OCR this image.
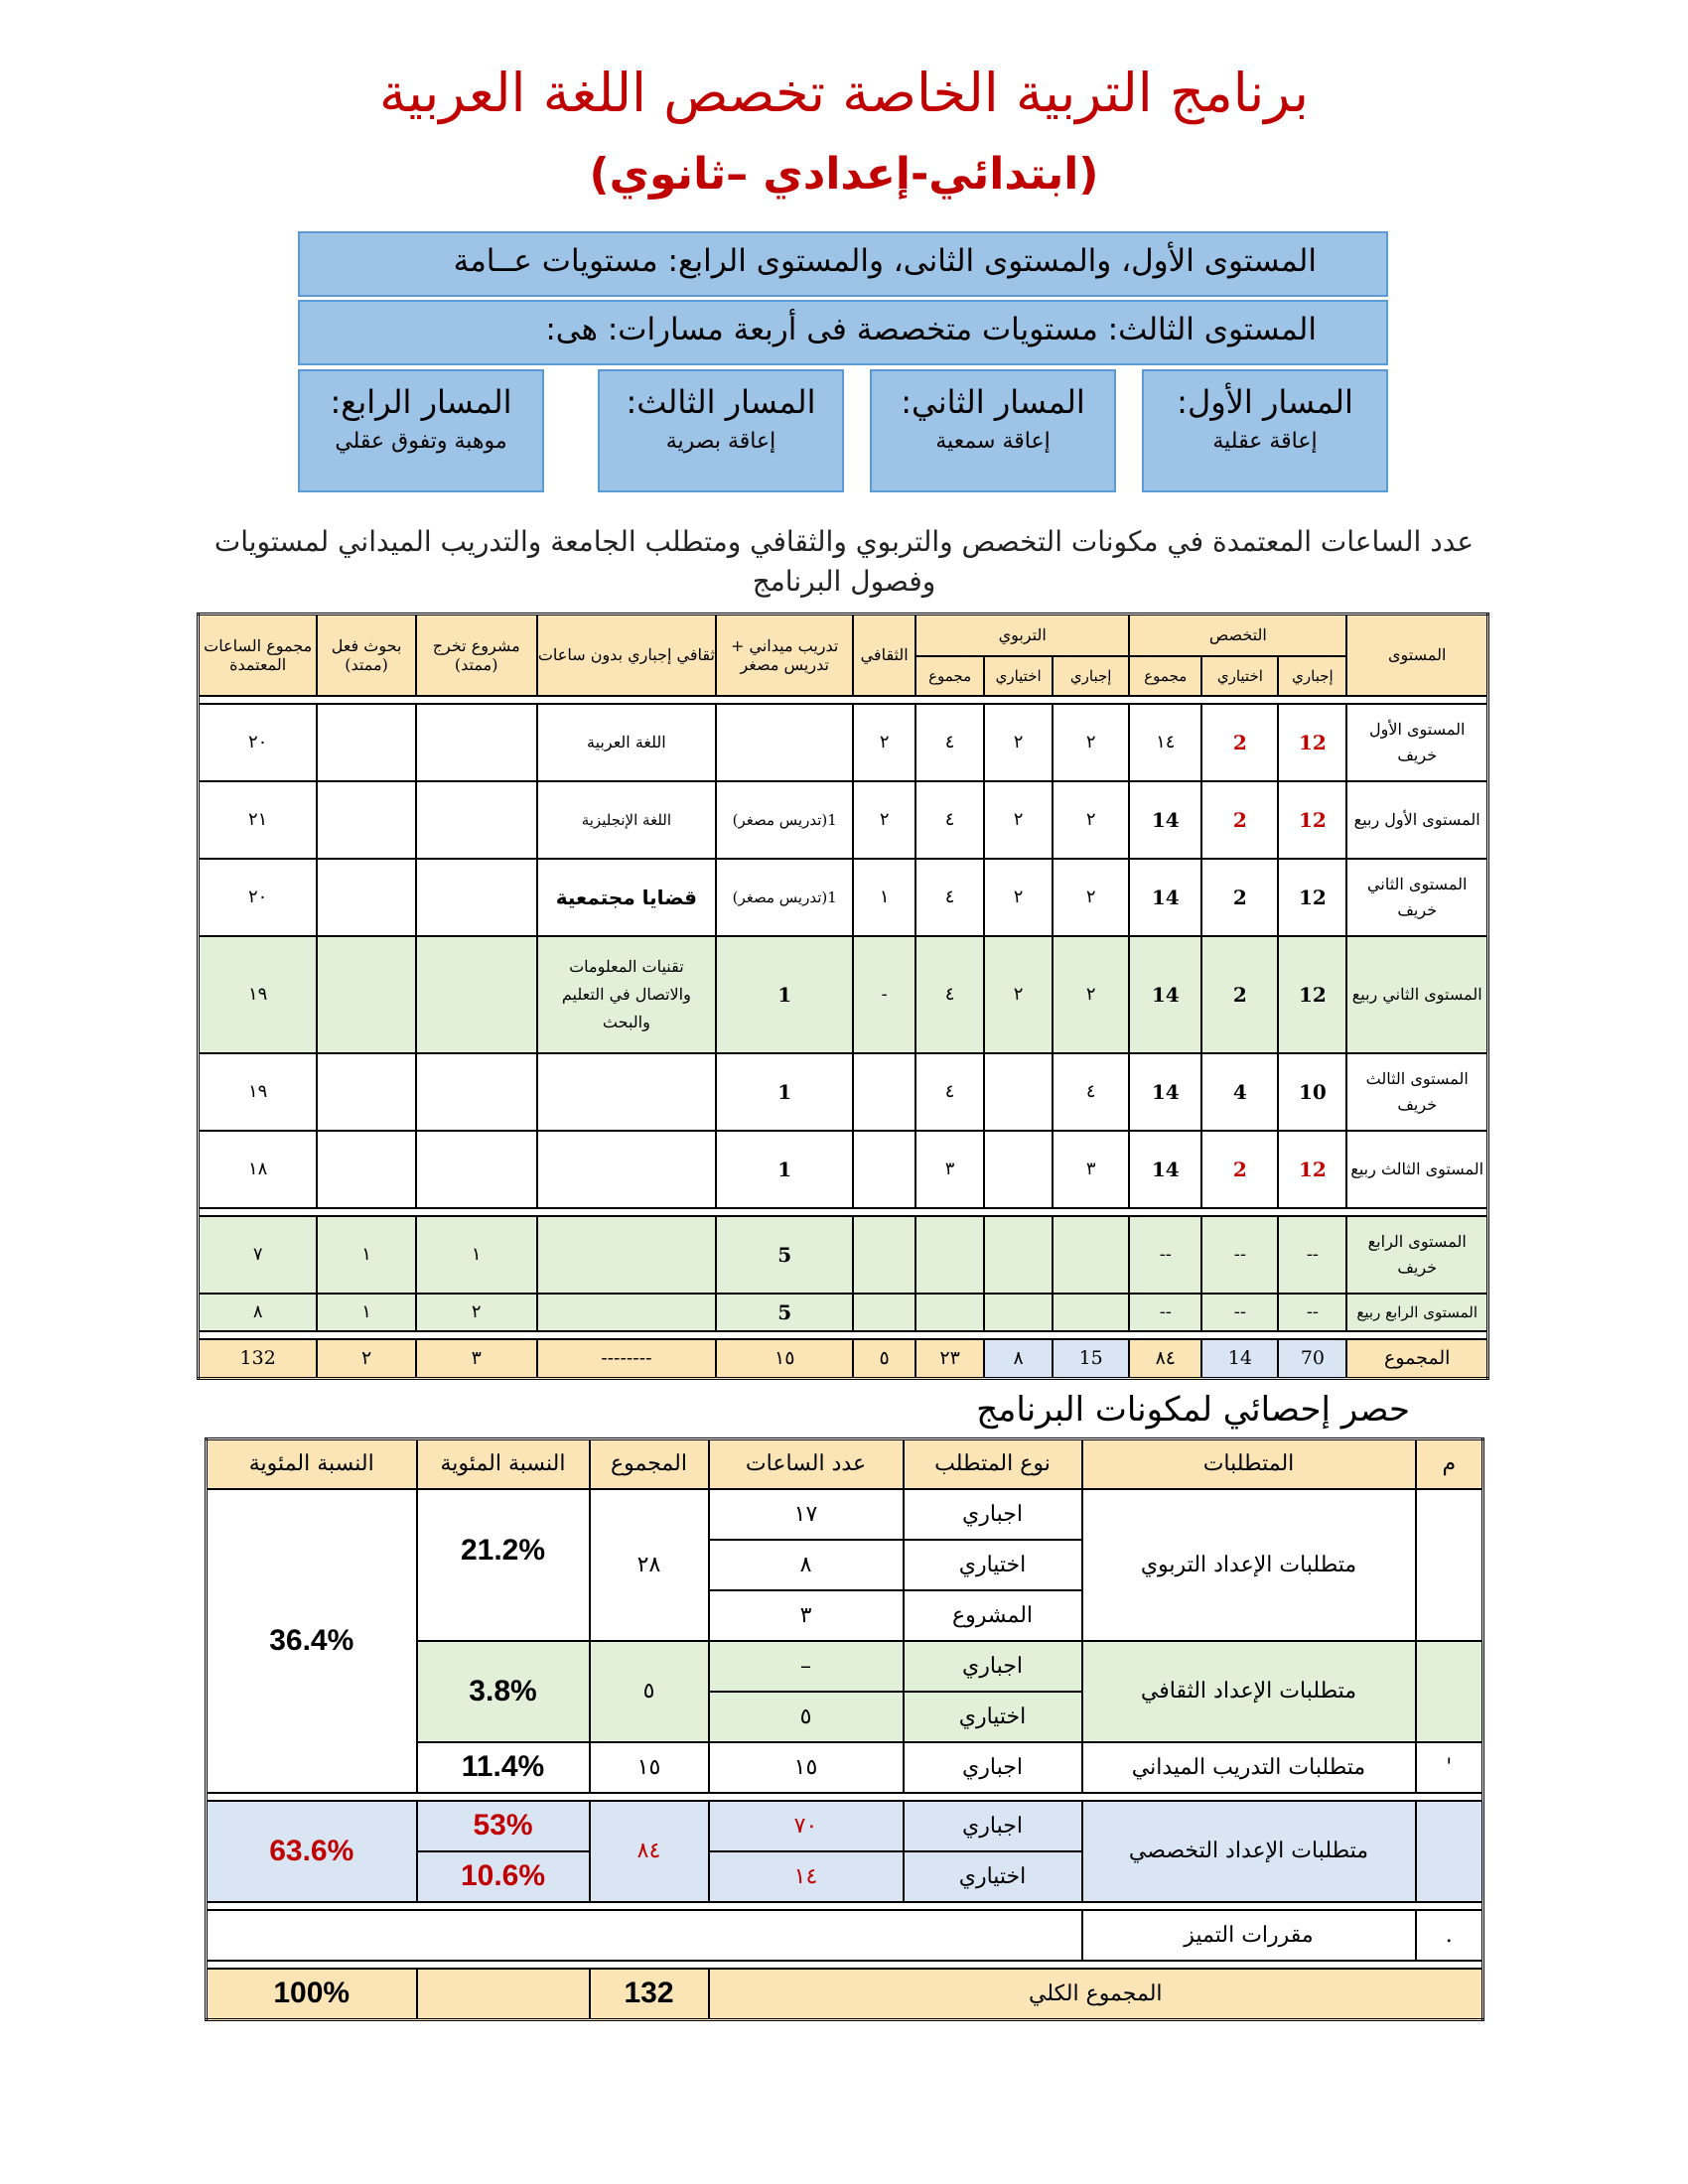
برنامج التربية الخاصة تخصص اللغة العربية
(ابتدائي-إعدادي –ثانوي)
المستوى الأول، والمستوى الثانى، والمستوى الرابع: مستويات عــامة
المستوى الثالث: مستويات متخصصة فى أربعة مسارات: هى:
المسار الأول:
إعاقة عقلية
المسار الثاني:
إعاقة سمعية
المسار الثالث:
إعاقة بصرية
المسار الرابع:
موهبة وتفوق عقلي
عدد الساعات المعتمدة في مكونات التخصص والتربوي والثقافي ومتطلب الجامعة والتدريب الميداني لمستويات وفصول البرنامج
المستوى	التخصص			التربوي			الثقافي	تدريب ميداني + تدريس مصغر	ثقافي إجباري بدون ساعات	مشروع تخرج (ممتد)	بحوث فعل (ممتد)	مجموع الساعات المعتمدة
	إجباري	اختياري	مجموع	إجباري	اختياري	مجموع						

المستوى الأول خريف	12	2	١٤	٢	٢	٤	٢		اللغة العربية			٢٠
المستوى الأول ربيع	12	2	14	٢	٢	٤	٢	1(تدريس مصغر)	اللغة الإنجليزية			٢١
المستوى الثاني خريف	12	2	14	٢	٢	٤	١	1(تدريس مصغر)	قضايا مجتمعية			٢٠
المستوى الثاني ربيع	12	2	14	٢	٢	٤	-	1	تقنيات المعلومات والاتصال في التعليم والبحث			١٩
المستوى الثالث خريف	10	4	14	٤		٤		1				١٩
المستوى الثالث ربيع	12	2	14	٣		٣		1				١٨

المستوى الرابع خريف	--	--	--					5		١	١	٧
المستوى الرابع ربيع	--	--	--					5		٢	١	٨

المجموع	70	14	٨٤	15	٨	٢٣	٥	١٥	--------	٣	٢	132
حصر إحصائي لمكونات البرنامج
م	المتطلبات	نوع المتطلب	عدد الساعات	المجموع	النسبة المئوية	النسبة المئوية
	متطلبات الإعداد التربوي	اجباري	١٧	٢٨	21.2%	36.4%
		اختياري	٨			
		المشروع	٣			
	متطلبات الإعداد الثقافي	اجباري	–	٥	3.8%	
		اختياري	٥			
'	متطلبات التدريب الميداني	اجباري	١٥	١٥	11.4%	

	متطلبات الإعداد التخصصي	اجباري	٧٠	٨٤	53%	63.6%
		اختياري	١٤		10.6%	

.	مقررات التميز					

المجموع الكلي				132		100%
